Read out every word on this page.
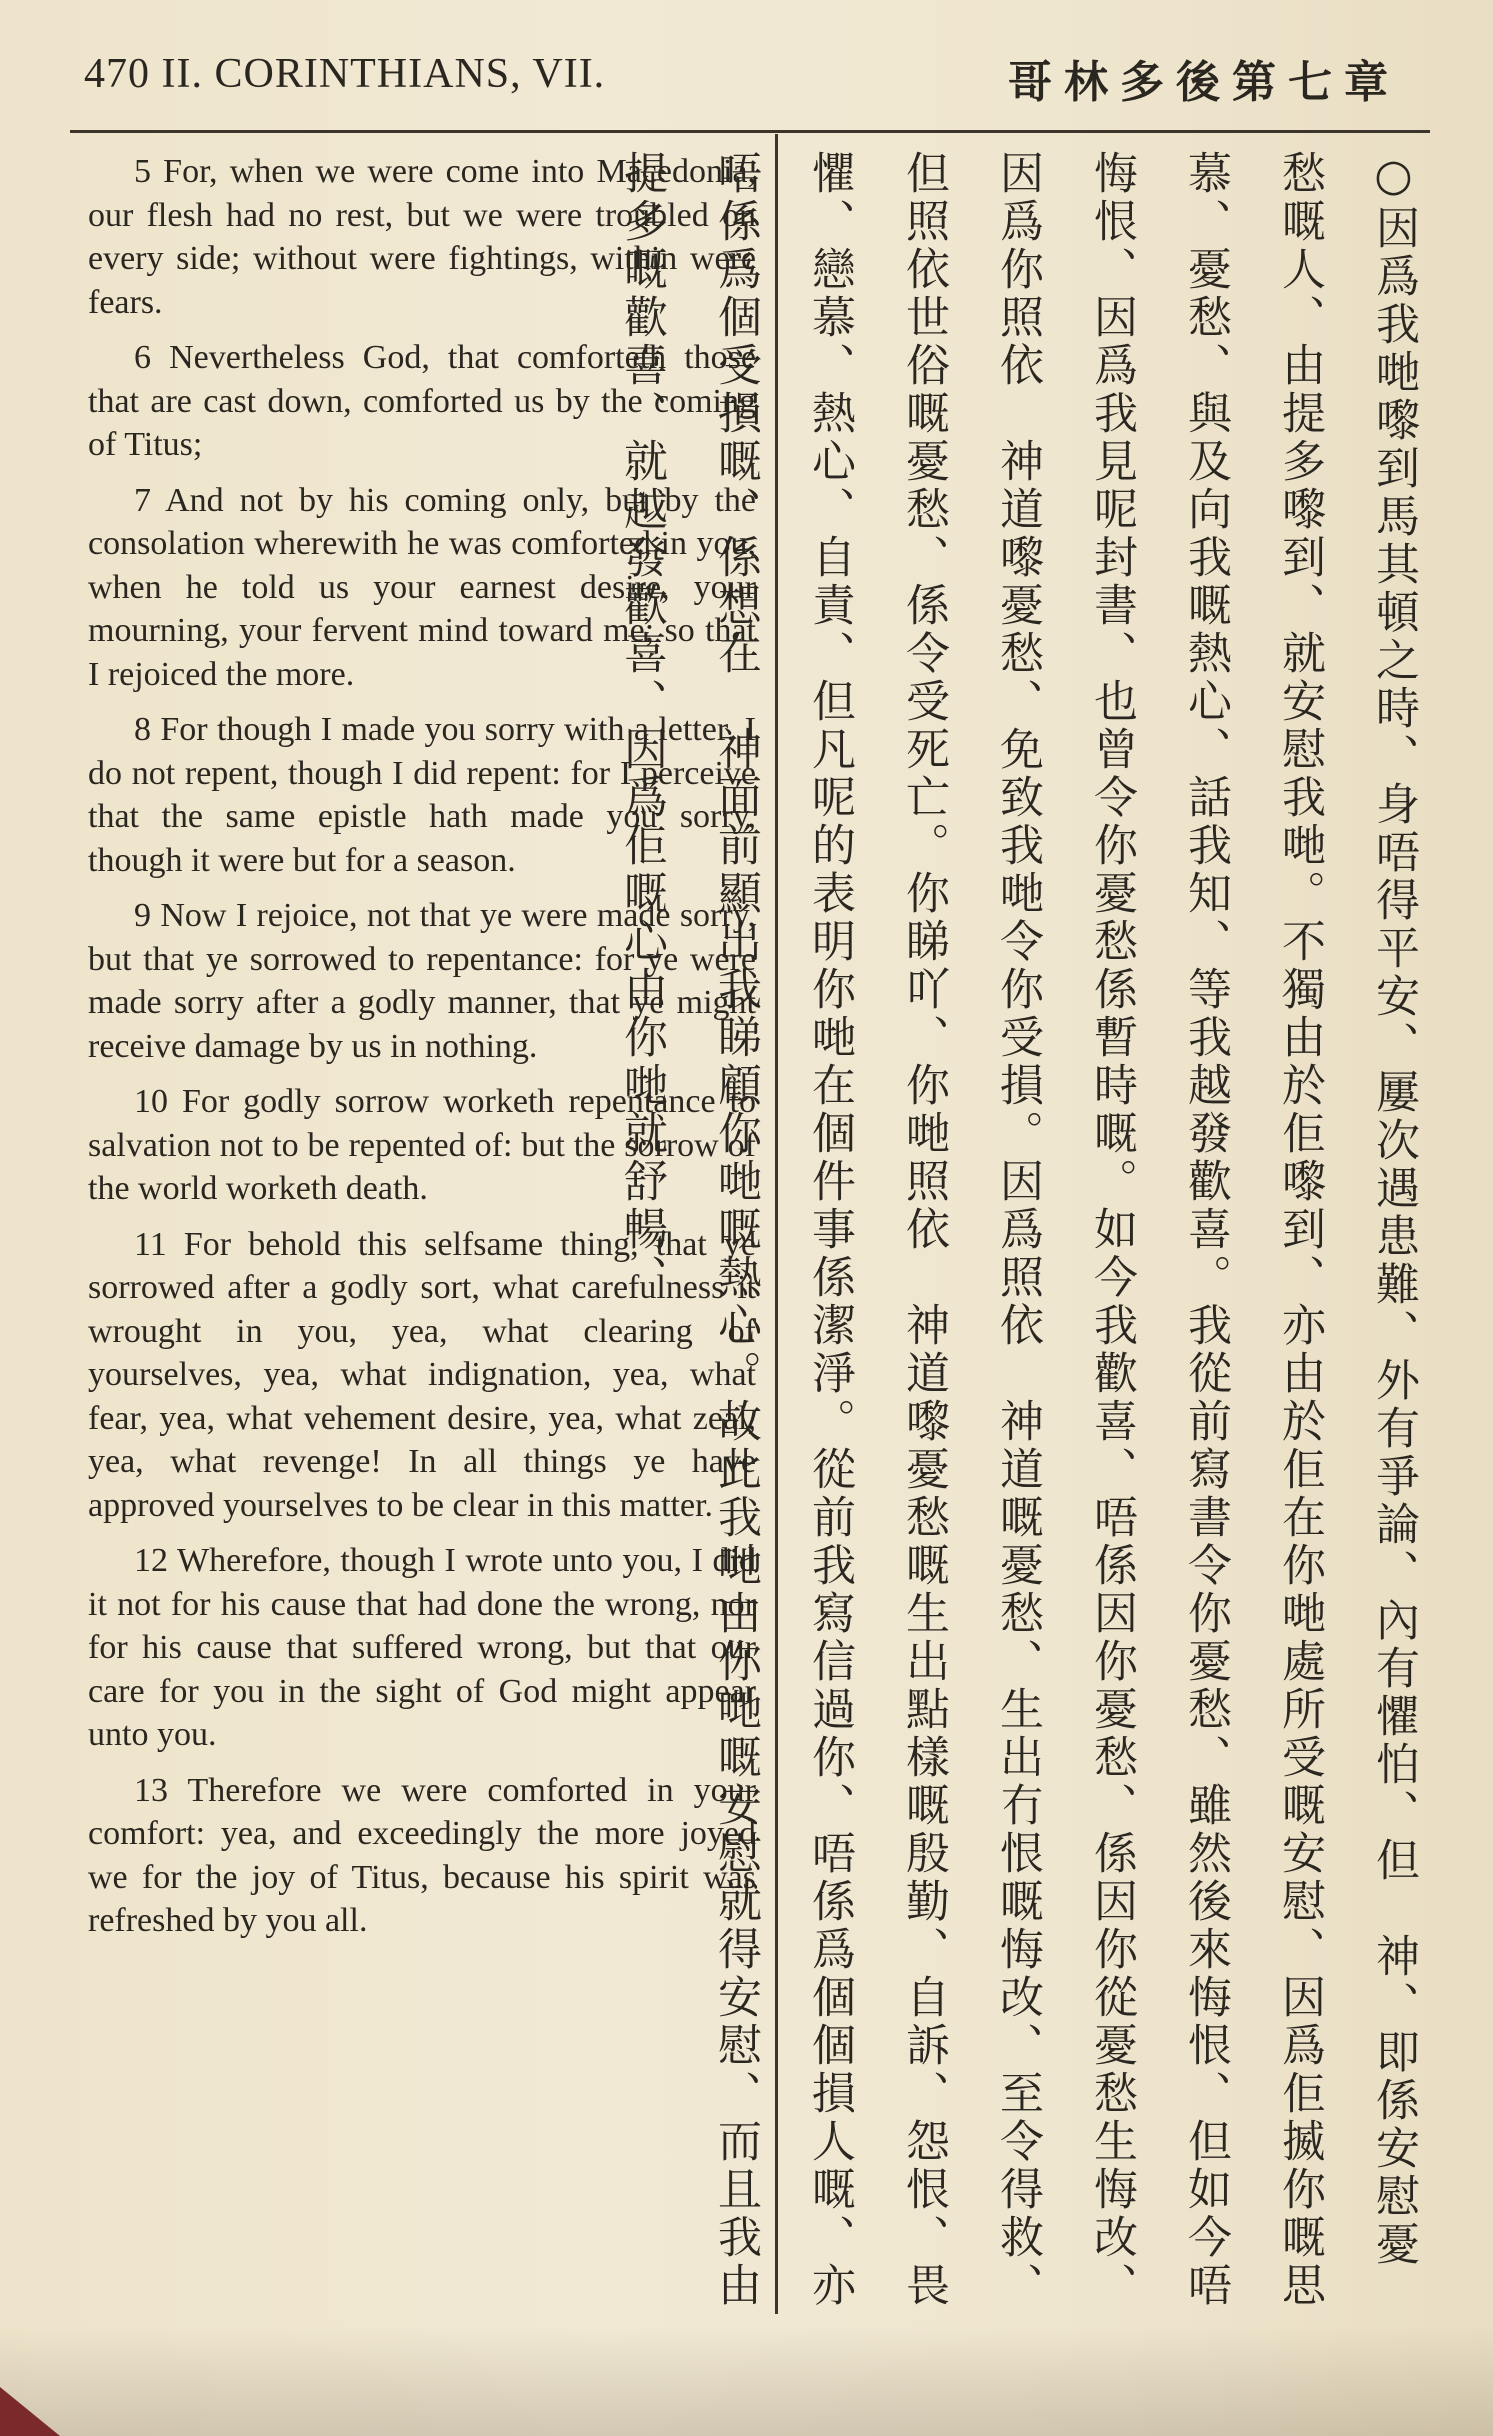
470 II. CORINTHIANS, VII.	哥林多後第七章

5 For, when we were come into Macedonia, our flesh had no rest, but we were troubled on every side; without were fightings, within were fears.

6 Nevertheless God, that comforteth those that are cast down, comforted us by the coming of Titus;

7 And not by his coming only, but by the consolation wherewith he was comforted in you, when he told us your earnest desire, your mourning, your fervent mind toward me; so that I rejoiced the more.

8 For though I made you sorry with a letter, I do not repent, though I did repent: for I perceive that the same epistle hath made you sorry, though it were but for a season.

9 Now I rejoice, not that ye were made sorry, but that ye sorrowed to repentance: for ye were made sorry after a godly manner, that ye might receive damage by us in nothing.

10 For godly sorrow worketh repentance to salvation not to be repented of: but the sorrow of the world worketh death.

11 For behold this selfsame thing, that ye sorrowed after a godly sort, what carefulness it wrought in you, yea, what clearing of yourselves, yea, what indignation, yea, what fear, yea, what vehement desire, yea, what zeal, yea, what revenge! In all things ye have approved yourselves to be clear in this matter.

12 Wherefore, though I wrote unto you, I did it not for his cause that had done the wrong, nor for his cause that suffered wrong, but that our care for you in the sight of God might appear unto you.

13 Therefore we were comforted in your comfort: yea, and exceedingly the more joyed we for the joy of Titus, because his spirit was refreshed by you all.	○因爲我哋嚟到馬其頓之時、身唔得平安、屢次遇患難、外有爭論、內有懼怕、但　神、即係安慰憂愁嘅人、由提多嚟到、就安慰我哋。不獨由於佢嚟到、亦由於佢在你哋處所受嘅安慰、因爲佢揻你嘅思慕、憂愁、與及向我嘅熱心、話我知、等我越發歡喜。我從前寫書令你憂愁、雖然後來悔恨、但如今唔悔恨、因爲我見呢封書、也曾令你憂愁係暫時嘅。如今我歡喜、唔係因你憂愁、係因你從憂愁生悔改、因爲你照依　神道嚟憂愁、免致我哋令你受損。因爲照依　神道嘅憂愁、生出冇恨嘅悔改、至令得救、但照依世俗嘅憂愁、係令受死亡。你睇吖、你哋照依　神道嚟憂愁嘅生出點樣嘅殷勤、自訴、怨恨、畏懼、戀慕、熱心、自責、但凡呢的表明你哋在個件事係潔淨。從前我寫信過你、唔係爲個個損人嘅、亦唔係爲個受損嘅、係想在　神面前顯出我睇顧你哋嘅熱心。故此我哋由你哋嘅安慰就得安慰、而且我由提多嘅歡喜、就越發歡喜、因爲佢嘅心由你哋就舒暢、
